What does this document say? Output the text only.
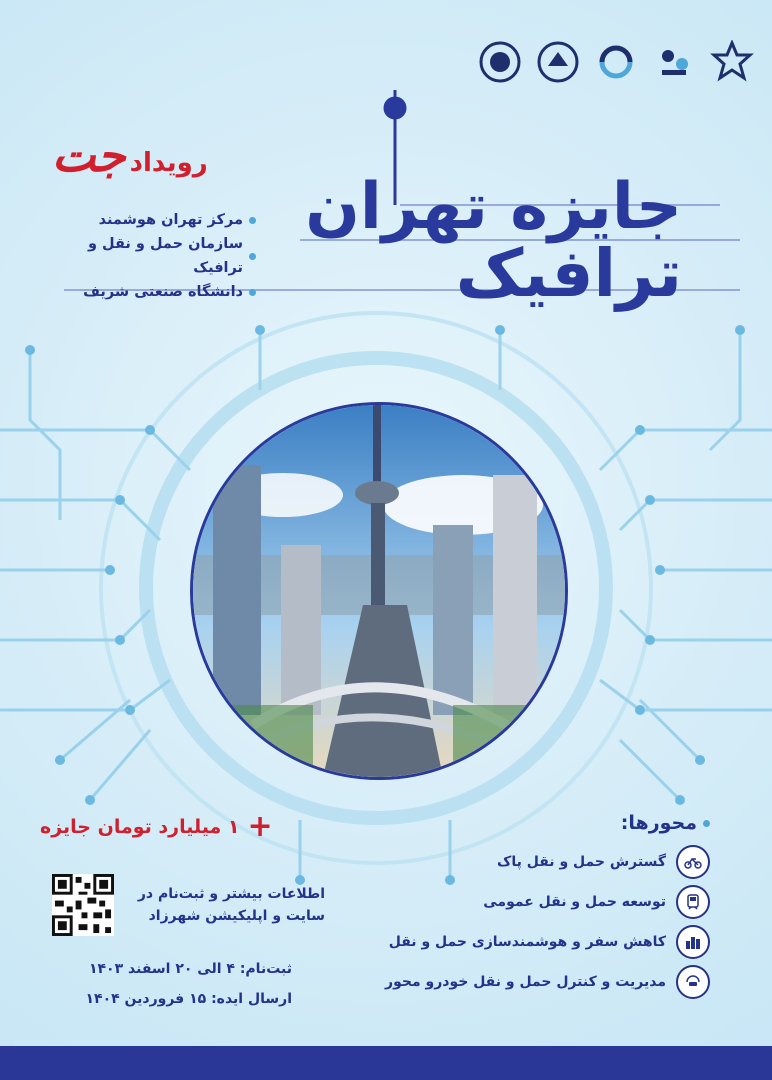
رویداد
جت
مرکز تهران هوشمند
سازمان حمل و نقل و ترافیک
دانشگاه صنعتی شریف
جایزه تهران
ترافیک
+
۱ میلیارد تومان جایزه	محورها:
گسترش حمل و نقل پاک
توسعه حمل و نقل عمومی
کاهش سفر و هوشمندسازی حمل و نقل
مدیریت و کنترل حمل و نقل خودرو محور
اطلاعات بیشتر و ثبت‌نام در
سایت و اپلیکیشن شهرزاد
ثبت‌نام: ۴ الی ۲۰ اسفند ۱۴۰۳
ارسال ایده: ۱۵ فروردین ۱۴۰۴
